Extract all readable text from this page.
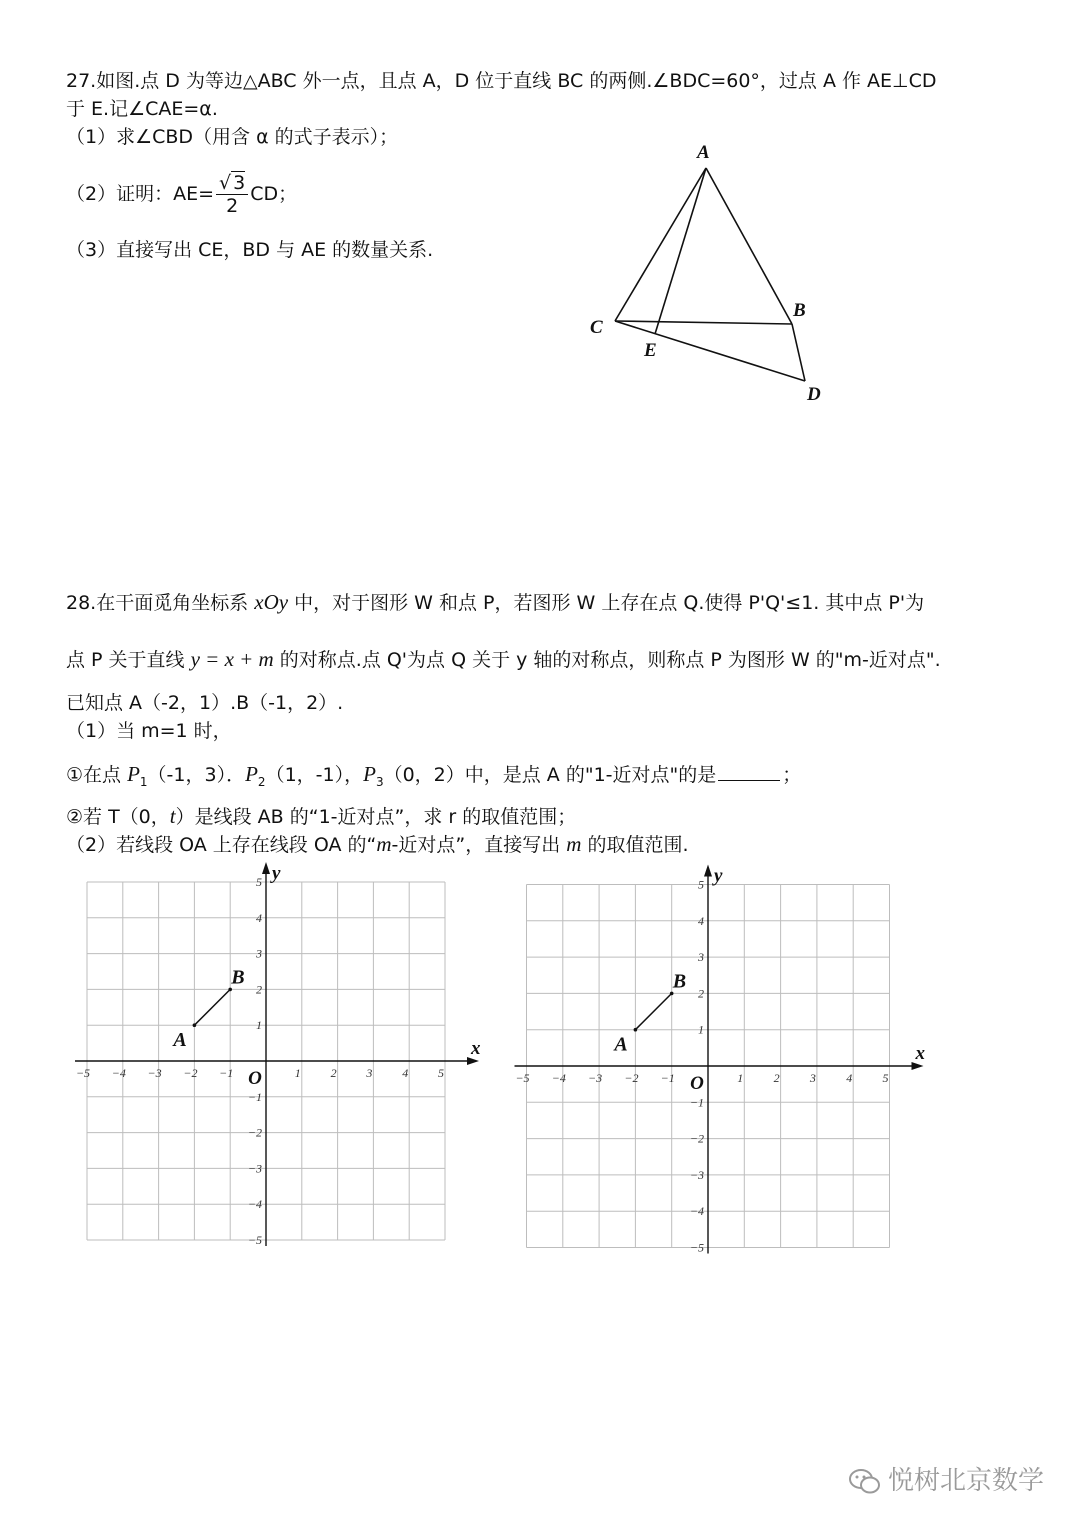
27.如图.点 D 为等边△ABC 外一点，且点 A，D 位于直线 BC 的两侧.∠BDC=60°，过点 A 作 AE⊥CD
于 E.记∠CAE=α.
（1）求∠CBD（用含 α 的式子表示）；
（2）证明：$AE= \frac{√ 3}{2}$ CD；
（3）直接写出 CE，BD 与 AE 的数量关系.
A
B
C
D
E
28.在干面觅角坐标系 xOy 中，对于图形 W 和点 P，若图形 W 上存在点 Q.使得 P'Q'≤1. 其中点 P'为
点 P 关于直线 y = x + m 的对称点.点 Q'为点 Q 关于 y 轴的对称点，则称点 P 为图形 W 的"m-近对点".
已知点 A（-2，1）.B（-1，2）.
（1）当 m=1 时，
①在点 $P_1(-1$，3）．$P_2(1$，-1），$P_3(0$，2）中，是点 A 的"1-近对点"的是	；
②若 T（0，t）是线段 AB 的“1-近对点”，求 r 的取值范围；
（2）若线段 OA 上存在线段 OA 的“m-近对点”，直接写出 m 的取值范围.
x
y
O
−5 −4 −3 −2 −1	1 2 3 4 5
5
4
3
2
1
−1
−2
−3
−4
−5
A
B
x
y
O
−5 −4 −3 −2 −1	1	2	3	4	5
5
4
3
2
1
−1
−2
−3
−4
−5
A
B
悦树北京数学
